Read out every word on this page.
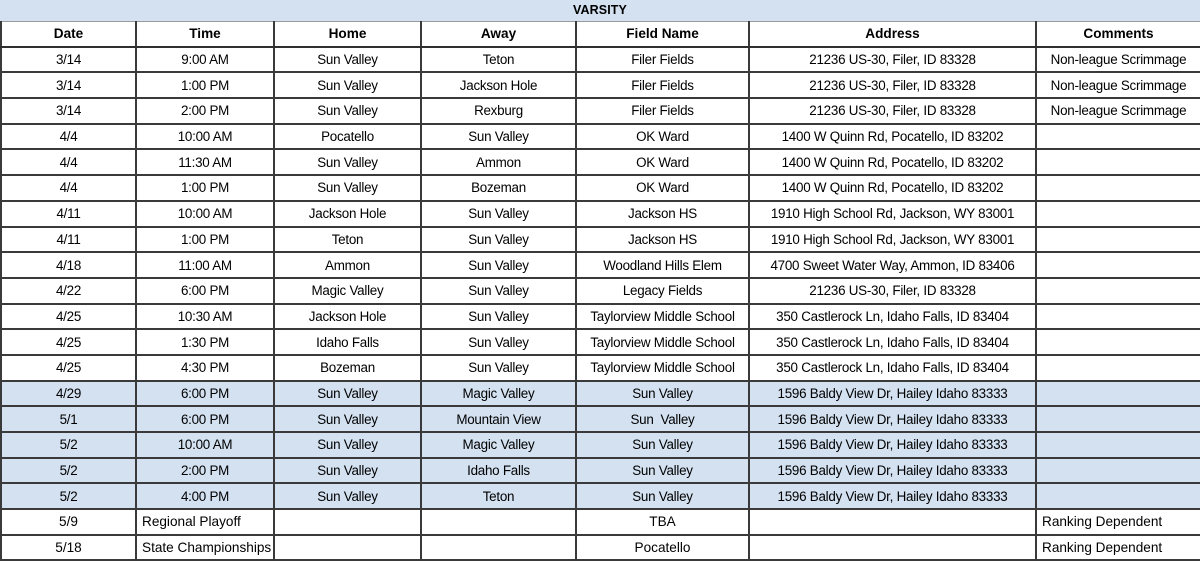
VARSITY
Date	Time	Home	Away	Field Name	Address	Comments
3/14	9:00 AM	Sun Valley	Teton	Filer Fields	21236 US-30, Filer, ID 83328	Non-league Scrimmage
3/14	1:00 PM	Sun Valley	Jackson Hole	Filer Fields	21236 US-30, Filer, ID 83328	Non-league Scrimmage
3/14	2:00 PM	Sun Valley	Rexburg	Filer Fields	21236 US-30, Filer, ID 83328	Non-league Scrimmage
4/4	10:00 AM	Pocatello	Sun Valley	OK Ward	1400 W Quinn Rd, Pocatello, ID 83202	
4/4	11:30 AM	Sun Valley	Ammon	OK Ward	1400 W Quinn Rd, Pocatello, ID 83202	
4/4	1:00 PM	Sun Valley	Bozeman	OK Ward	1400 W Quinn Rd, Pocatello, ID 83202	
4/11	10:00 AM	Jackson Hole	Sun Valley	Jackson HS	1910 High School Rd, Jackson, WY 83001	
4/11	1:00 PM	Teton	Sun Valley	Jackson HS	1910 High School Rd, Jackson, WY 83001	
4/18	11:00 AM	Ammon	Sun Valley	Woodland Hills Elem	4700 Sweet Water Way, Ammon, ID 83406	
4/22	6:00 PM	Magic Valley	Sun Valley	Legacy Fields	21236 US-30, Filer, ID 83328	
4/25	10:30 AM	Jackson Hole	Sun Valley	Taylorview Middle School	350 Castlerock Ln, Idaho Falls, ID 83404	
4/25	1:30 PM	Idaho Falls	Sun Valley	Taylorview Middle School	350 Castlerock Ln, Idaho Falls, ID 83404	
4/25	4:30 PM	Bozeman	Sun Valley	Taylorview Middle School	350 Castlerock Ln, Idaho Falls, ID 83404	
4/29	6:00 PM	Sun Valley	Magic Valley	Sun Valley	1596 Baldy View Dr, Hailey Idaho 83333	
5/1	6:00 PM	Sun Valley	Mountain View	Sun  Valley	1596 Baldy View Dr, Hailey Idaho 83333	
5/2	10:00 AM	Sun Valley	Magic Valley	Sun Valley	1596 Baldy View Dr, Hailey Idaho 83333	
5/2	2:00 PM	Sun Valley	Idaho Falls	Sun Valley	1596 Baldy View Dr, Hailey Idaho 83333	
5/2	4:00 PM	Sun Valley	Teton	Sun Valley	1596 Baldy View Dr, Hailey Idaho 83333	
5/9	Regional Playoff			TBA		Ranking Dependent
5/18	State Championships			Pocatello		Ranking Dependent
